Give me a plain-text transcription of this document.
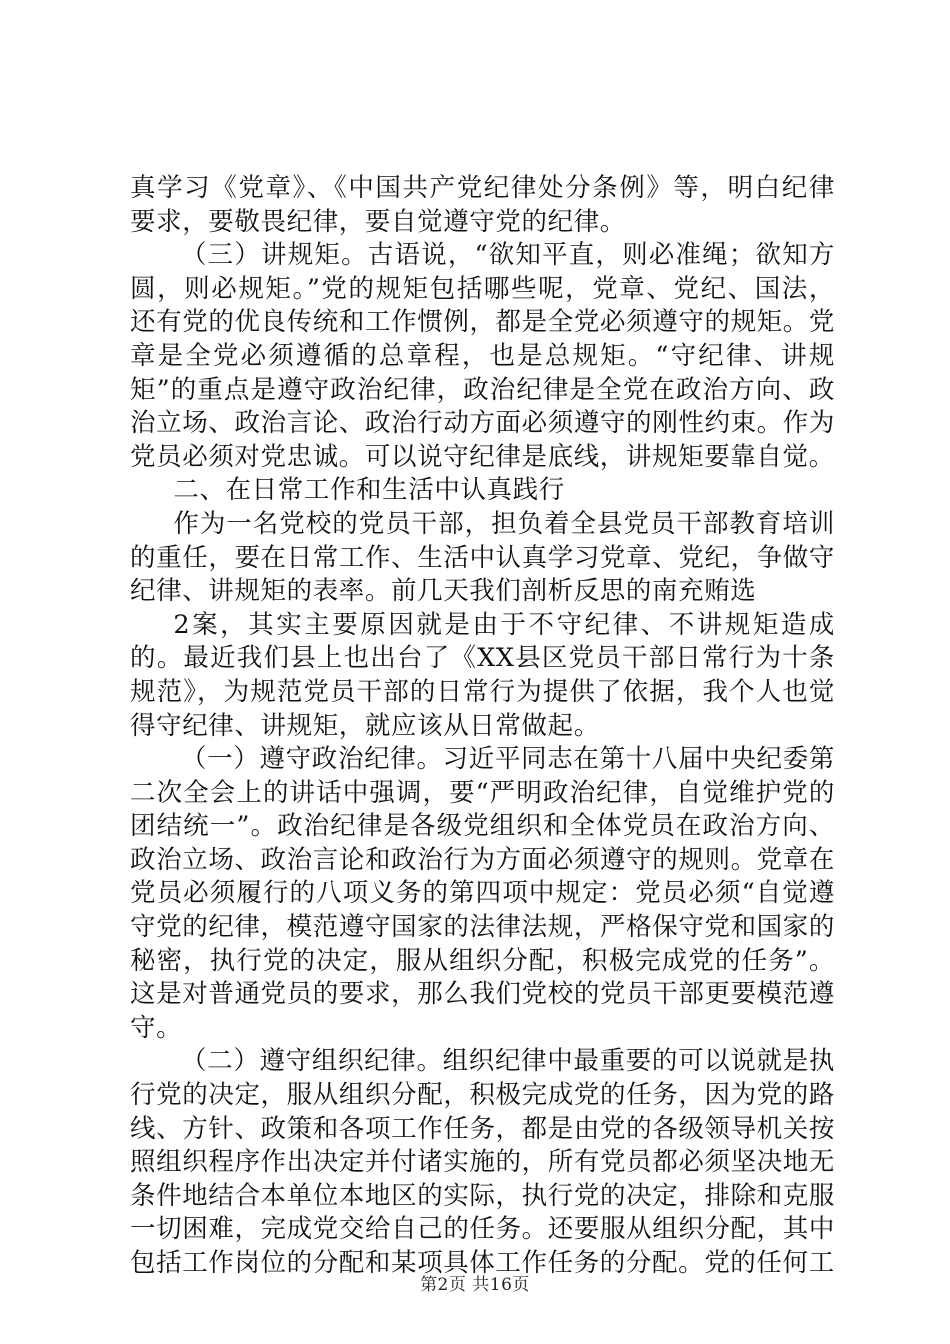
真学习《党章》、《中国共产党纪律处分条例》等，明白纪律要求，要敬畏纪律，要自觉遵守党的纪律。

（三）讲规矩。古语说，“欲知平直，则必准绳；欲知方圆，则必规矩。”党的规矩包括哪些呢，党章、党纪、国法，还有党的优良传统和工作惯例，都是全党必须遵守的规矩。党章是全党必须遵循的总章程，也是总规矩。“守纪律、讲规矩”的重点是遵守政治纪律，政治纪律是全党在政治方向、政治立场、政治言论、政治行动方面必须遵守的刚性约束。作为党员必须对党忠诚。可以说守纪律是底线，讲规矩要靠自觉。

二、在日常工作和生活中认真践行

作为一名党校的党员干部，担负着全县党员干部教育培训的重任，要在日常工作、生活中认真学习党章、党纪，争做守纪律、讲规矩的表率。前几天我们剖析反思的南充贿选

2案，其实主要原因就是由于不守纪律、不讲规矩造成的。最近我们县上也出台了《XX县区党员干部日常行为十条规范》，为规范党员干部的日常行为提供了依据，我个人也觉得守纪律、讲规矩，就应该从日常做起。

（一）遵守政治纪律。习近平同志在第十八届中央纪委第二次全会上的讲话中强调，要“严明政治纪律，自觉维护党的团结统一”。政治纪律是各级党组织和全体党员在政治方向、政治立场、政治言论和政治行为方面必须遵守的规则。党章在党员必须履行的八项义务的第四项中规定：党员必须“自觉遵守党的纪律，模范遵守国家的法律法规，严格保守党和国家的秘密，执行党的决定，服从组织分配，积极完成党的任务”。这是对普通党员的要求，那么我们党校的党员干部更要模范遵守。

（二）遵守组织纪律。组织纪律中最重要的可以说就是执行党的决定，服从组织分配，积极完成党的任务，因为党的路线、方针、政策和各项工作任务，都是由党的各级领导机关按照组织程序作出决定并付诸实施的，所有党员都必须坚决地无条件地结合本单位本地区的实际，执行党的决定，排除和克服一切困难，完成党交给自己的任务。还要服从组织分配，其中包括工作岗位的分配和某项具体工作任务的分配。党的任何工

第2页 共16页
